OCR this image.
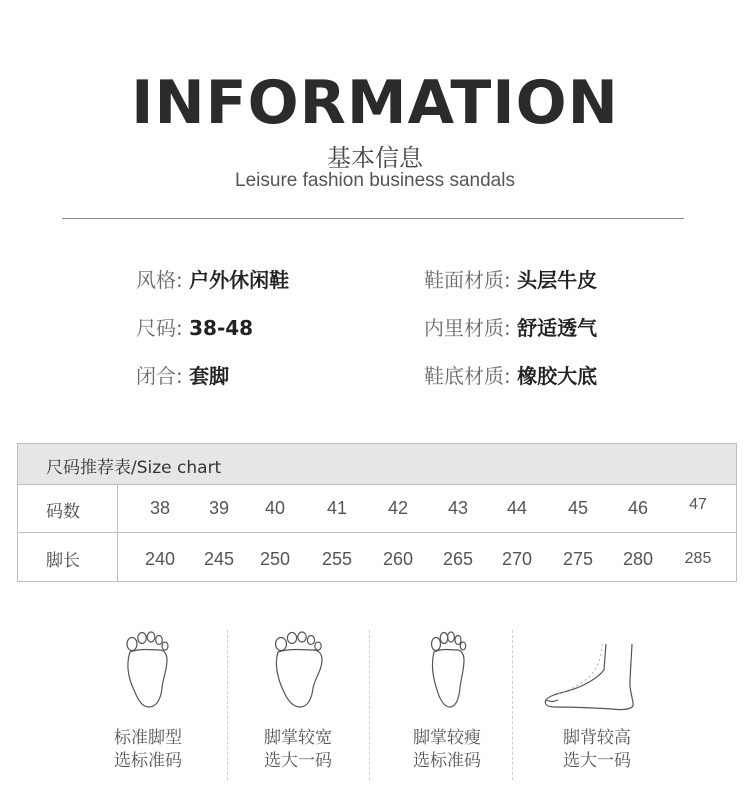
INFORMATION
基本信息
Leisure fashion business sandals
风格: 户外休闲鞋	鞋面材质: 头层牛皮
尺码: 38-48	内里材质: 舒适透气
闭合: 套脚	鞋底材质: 橡胶大底
尺码推荐表/Size chart
码数	38	39	40	41	42	43	44	45	46	47
脚长	240	245	250	255	260	265	270	275	280	285
标准脚型
选标准码
脚掌较宽
选大一码
脚掌较瘦
选标准码
脚背较高
选大一码
